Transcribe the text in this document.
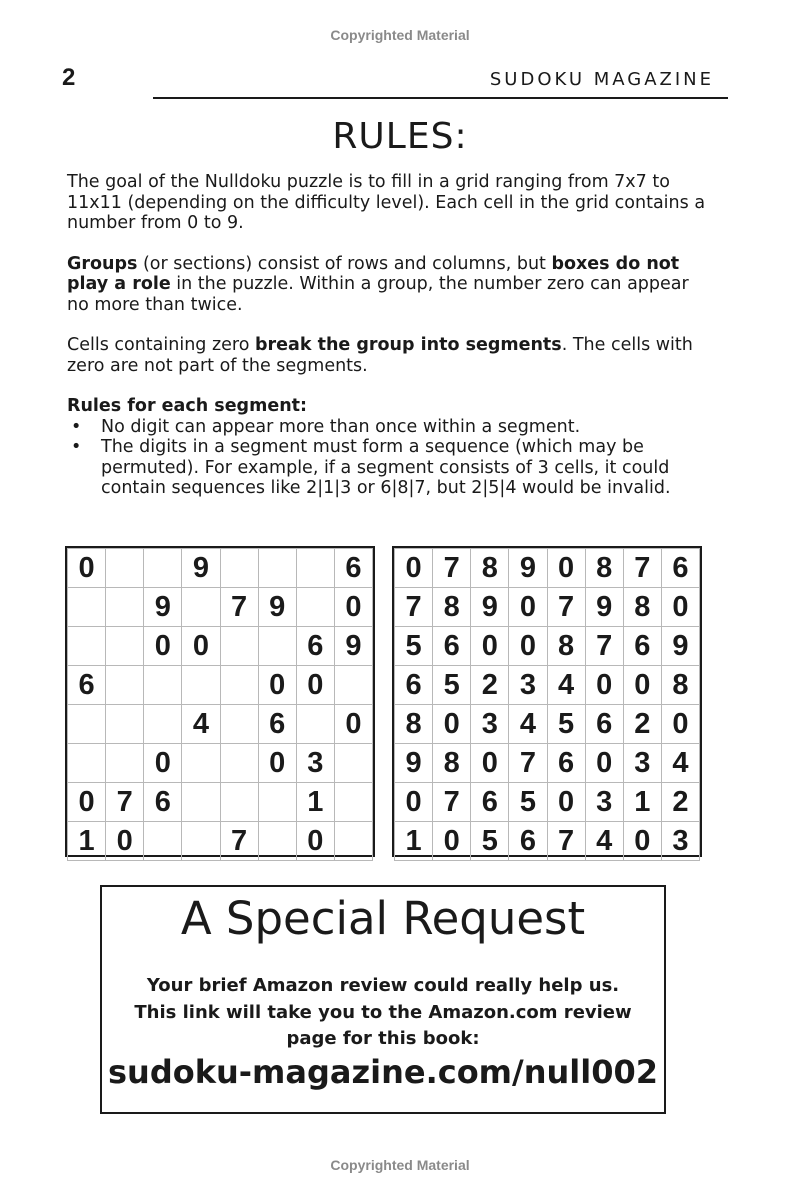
Copyrighted Material
2	SUDOKU MAGAZINE
RULES:

The goal of the Nulldoku puzzle is to fill in a grid ranging from 7x7 to 11x11 (depending on the difficulty level). Each cell in the grid contains a number from 0 to 9.

Groups (or sections) consist of rows and columns, but boxes do not play a role in the puzzle. Within a group, the number zero can appear no more than twice.

Cells containing zero break the group into segments. The cells with zero are not part of the segments.

Rules for each segment:
• No digit can appear more than once within a segment.
• The digits in a segment must form a sequence (which may be permuted). For example, if a segment consists of 3 cells, it could contain sequences like 2|1|3 or 6|8|7, but 2|5|4 would be invalid.
0			9				6
		9		7	9		0
		0	0			6	9
6					0	0	
			4		6		0
		0			0	3	
0	7	6				1	
1	0			7		0	
0	7	8	9	0	8	7	6
7	8	9	0	7	9	8	0
5	6	0	0	8	7	6	9
6	5	2	3	4	0	0	8
8	0	3	4	5	6	2	0
9	8	0	7	6	0	3	4
0	7	6	5	0	3	1	2
1	0	5	6	7	4	0	3
A Special Request
Your brief Amazon review could really help us.
This link will take you to the Amazon.com review
page for this book:
sudoku-magazine.com/null002
Copyrighted Material
